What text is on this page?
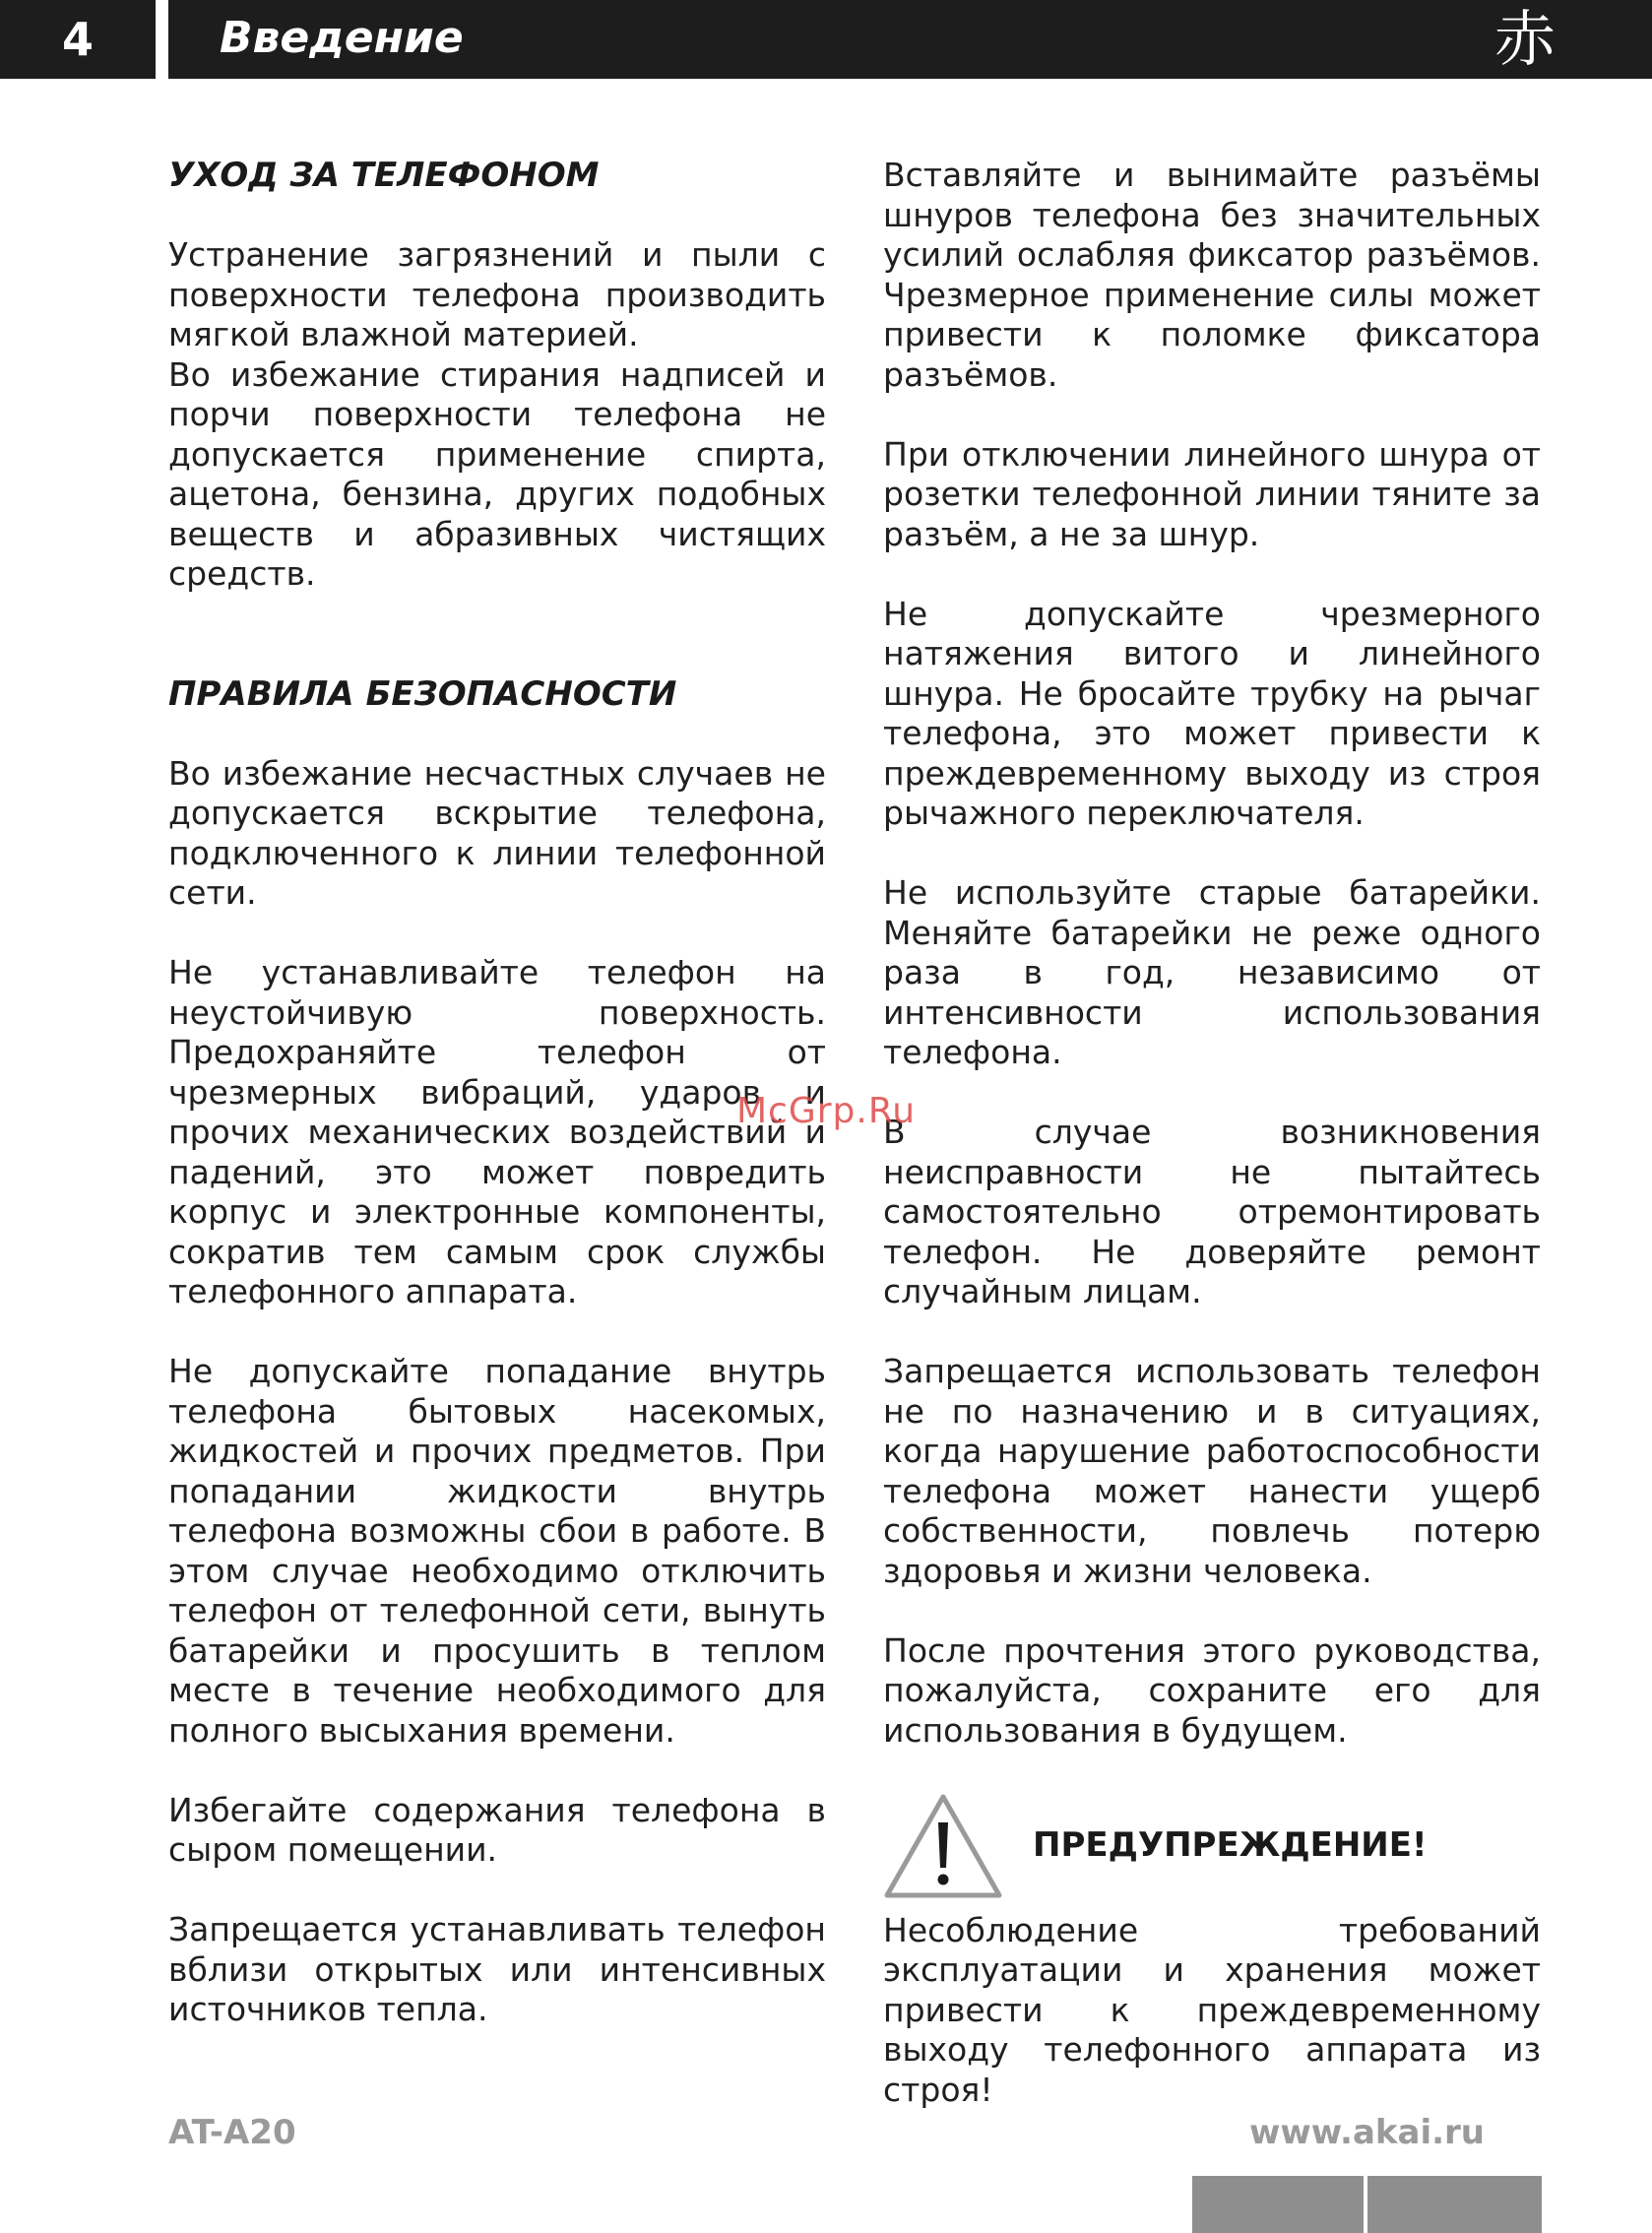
4	Введение	赤
УХОД ЗА ТЕЛЕФОНОМ

Устранение загрязнений и пыли с поверхности телефона производить мягкой влажной материей.

Во избежание стирания надписей и порчи поверхности телефона не допускается применение спирта, ацетона, бензина, других подобных веществ и абразивных чистящих средств.

ПРАВИЛА БЕЗОПАСНОСТИ

Во избежание несчастных случаев не допускается вскрытие телефона, подключенного к линии телефонной сети.

Не устанавливайте телефон на неустойчивую поверхность. Предохраняйте телефон от чрезмерных вибраций, ударов и прочих механических воздействий и падений, это может повредить корпус и электронные компоненты, сократив тем самым срок службы телефонного аппарата.

Не допускайте попадание внутрь телефона бытовых насекомых, жидкостей и прочих предметов. При попадании жидкости внутрь телефона возможны сбои в работе. В этом случае необходимо отключить телефон от телефонной сети, вынуть батарейки и просушить в теплом месте в течение необходимого для полного высыхания времени.

Избегайте содержания телефона в сыром помещении.

Запрещается устанавливать телефон вблизи открытых или интенсивных источников тепла.

Вставляйте и вынимайте разъёмы шнуров телефона без значительных усилий ослабляя фиксатор разъёмов. Чрезмерное применение силы может привести к поломке фиксатора разъёмов.

При отключении линейного шнура от розетки телефонной линии тяните за разъём, а не за шнур.

Не допускайте чрезмерного натяжения витого и линейного шнура. Не бросайте трубку на рычаг телефона, это может привести к преждевременному выходу из строя рычажного переключателя.

Не используйте старые батарейки. Меняйте батарейки не реже одного раза в год, независимо от интенсивности использования телефона.

В случае возникновения неисправности не пытайтесь самостоятельно отремонтировать телефон. Не доверяйте ремонт случайным лицам.

Запрещается использовать телефон не по назначению и в ситуациях, когда нарушение работоспособности телефона может нанести ущерб собственности, повлечь потерю здоровья и жизни человека.

После прочтения этого руководства, пожалуйста, сохраните его для использования в будущем.

ПРЕДУПРЕЖДЕНИЕ!

Несоблюдение требований эксплуатации и хранения может привести к преждевременному выходу телефонного аппарата из строя!

McGrp.Ru
AT-A20	www.akai.ru
